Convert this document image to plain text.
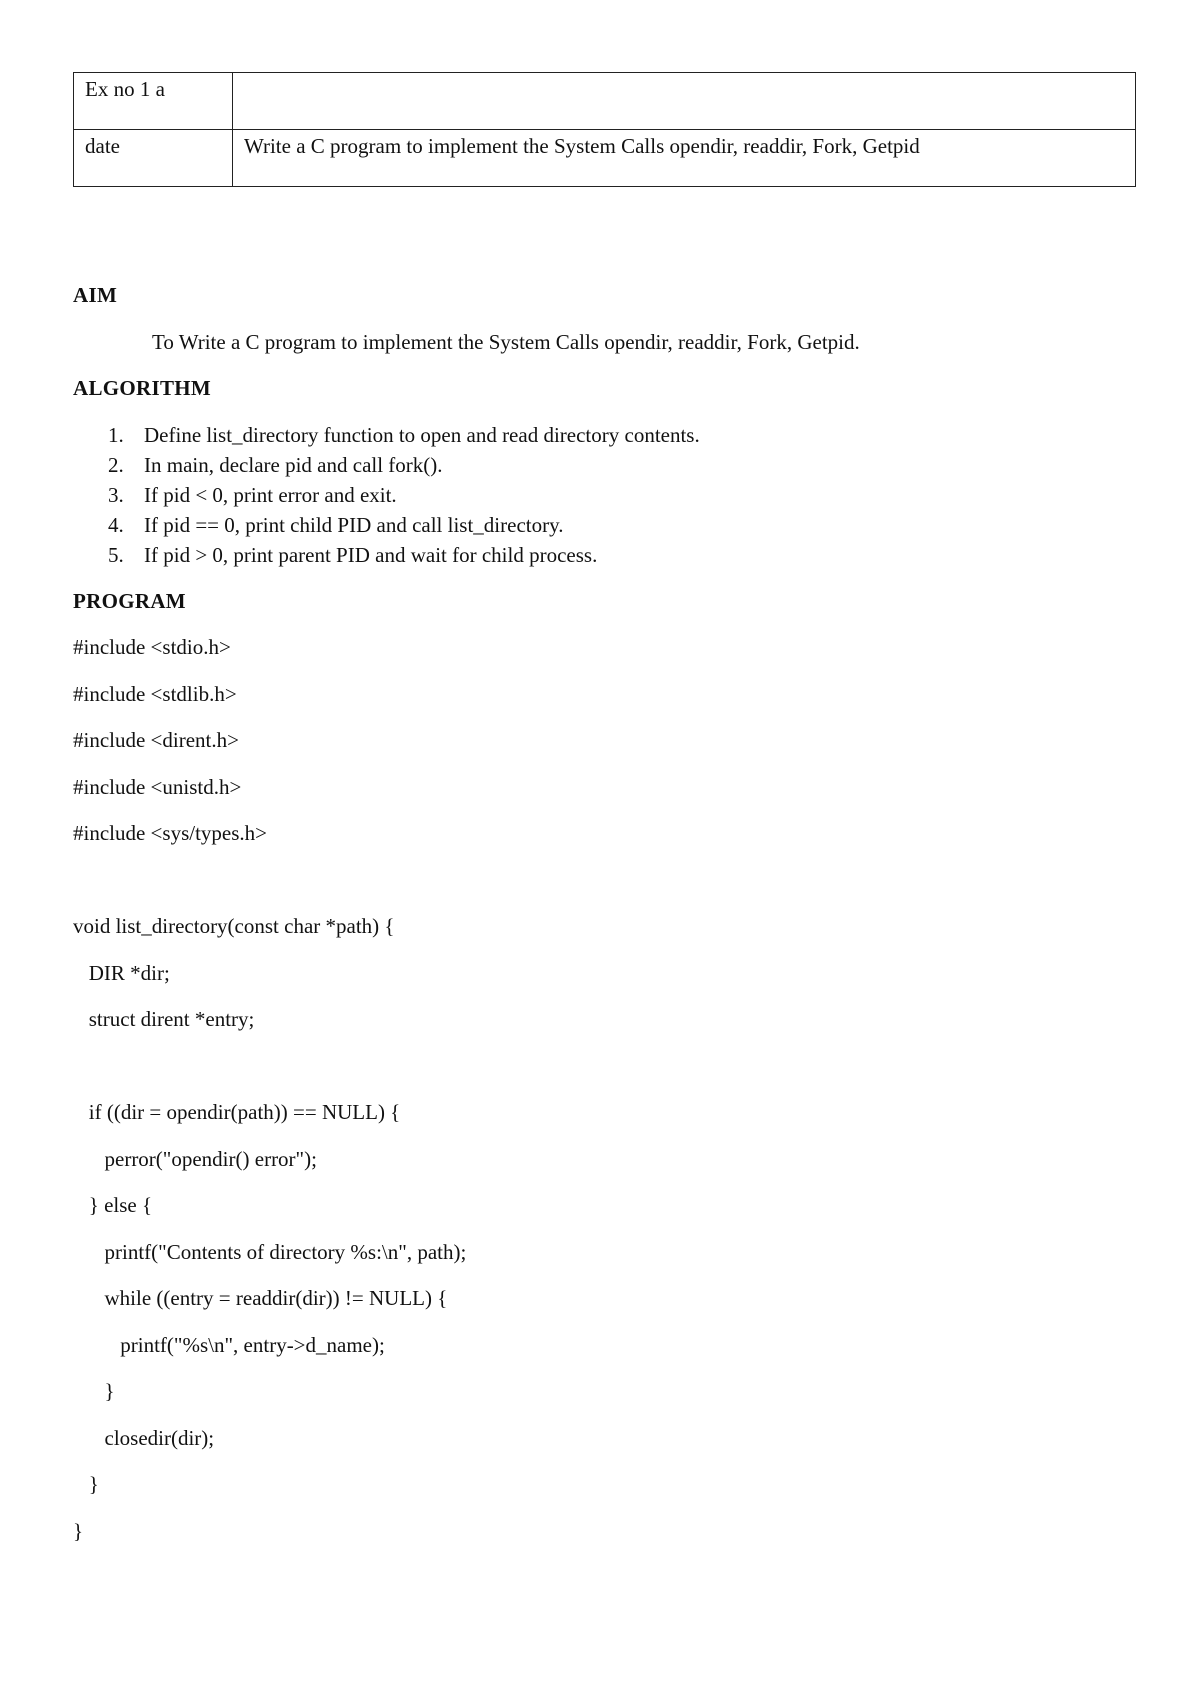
Ex no 1 a	
date	Write a C program to implement the System Calls opendir, readdir, Fork, Getpid
AIM

To Write a C program to implement the System Calls opendir, readdir, Fork, Getpid.

ALGORITHM
1. Define list_directory function to open and read directory contents.
2. In main, declare pid and call fork().
3. If pid < 0, print error and exit.
4. If pid == 0, print child PID and call list_directory.
5. If pid > 0, print parent PID and wait for child process.
PROGRAM
#include <stdio.h>
#include <stdlib.h>
#include <dirent.h>
#include <unistd.h>
#include <sys/types.h>
void list_directory(const char *path) {
DIR *dir;
struct dirent *entry;
if ((dir = opendir(path)) == NULL) {
perror("opendir() error");
} else {
printf("Contents of directory %s:\n", path);
while ((entry = readdir(dir)) != NULL) {
printf("%s\n", entry->d_name);
}
closedir(dir);
}
}
